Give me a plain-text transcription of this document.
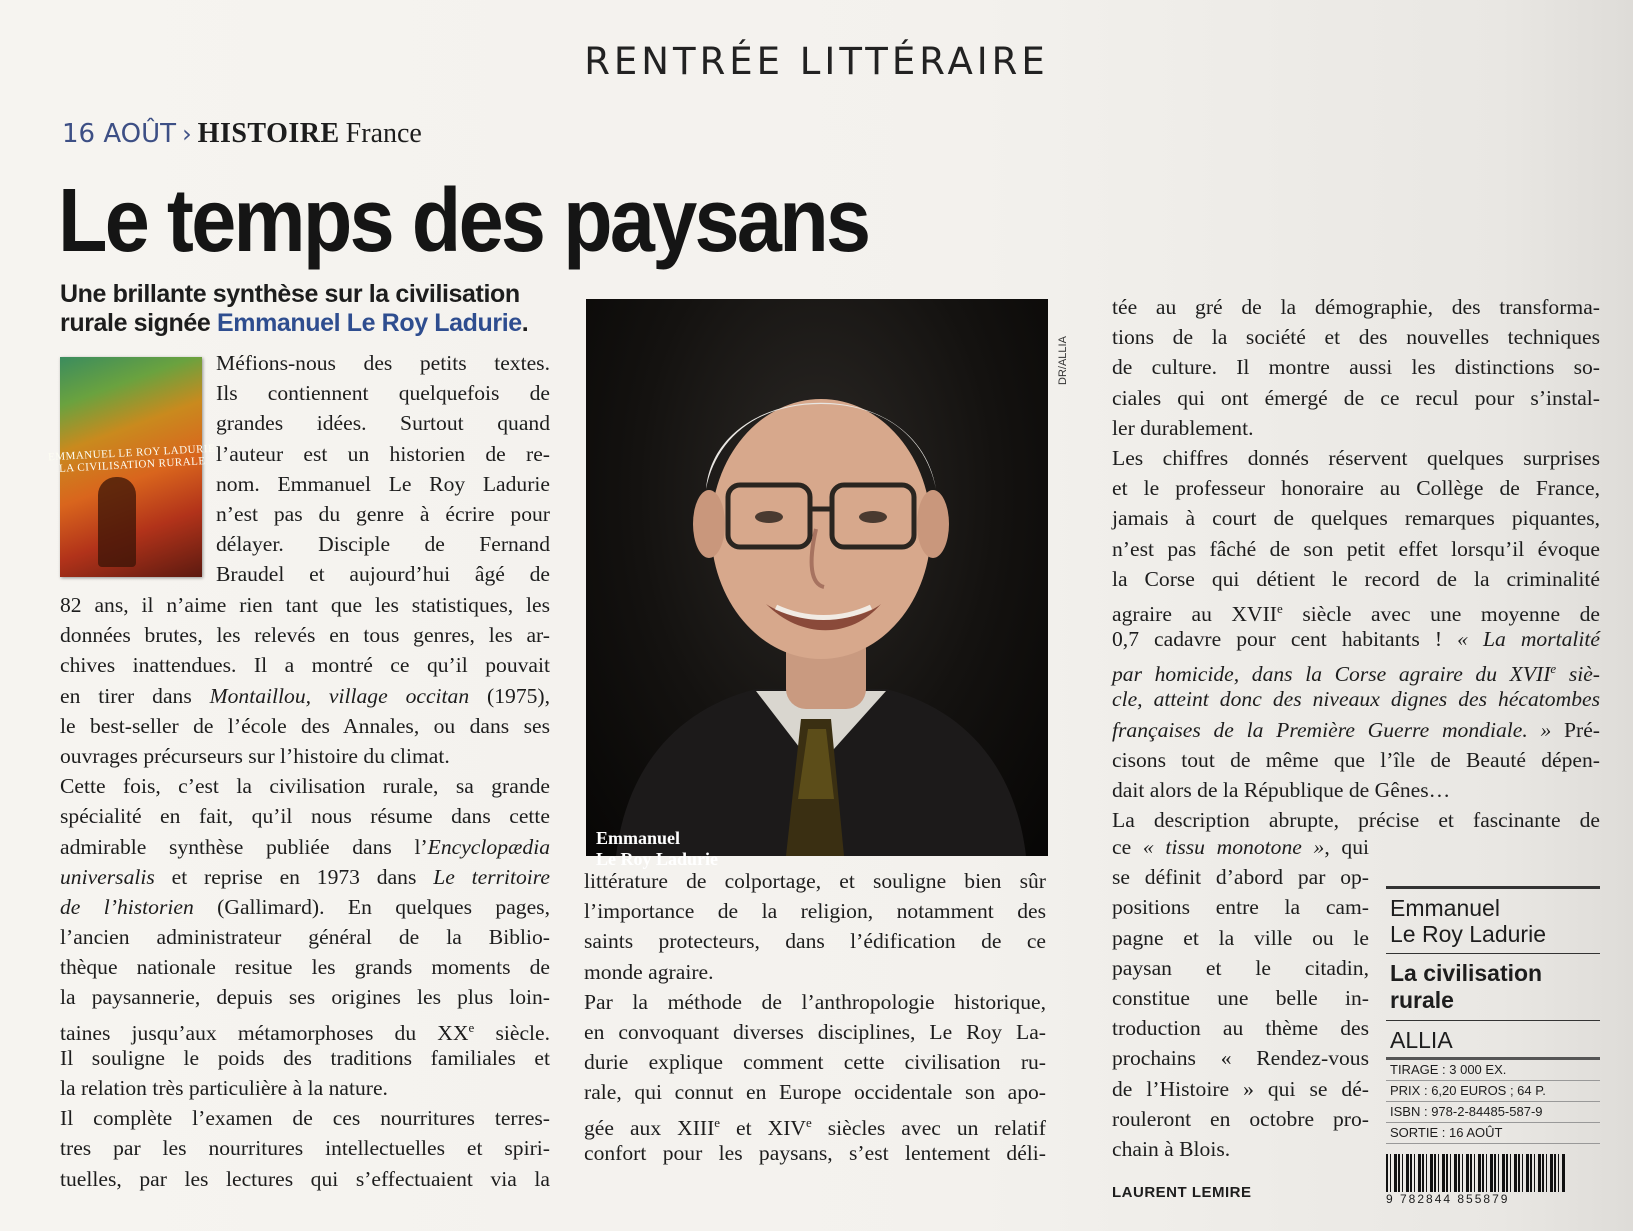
RENTRÉE LITTÉRAIRE
16 AOÛT › HISTOIRE France
Le temps des paysans
Une brillante synthèse sur la civilisation rurale signée Emmanuel Le Roy Ladurie.
EMMANUEL LE ROY LADURIE LA CIVILISATION RURALE
Méfions-nous des petits textes.
Ils contiennent quelquefois de
grandes idées. Surtout quand
l’auteur est un historien de re-
nom. Emmanuel Le Roy Ladurie
n’est pas du genre à écrire pour
délayer. Disciple de Fernand
Braudel et aujourd’hui âgé de
82 ans, il n’aime rien tant que les statistiques, les
données brutes, les relevés en tous genres, les ar-
chives inattendues. Il a montré ce qu’il pouvait
en tirer dans Montaillou, village occitan (1975),
le best-seller de l’école des Annales, ou dans ses
ouvrages précurseurs sur l’histoire du climat.
Cette fois, c’est la civilisation rurale, sa grande
spécialité en fait, qu’il nous résume dans cette
admirable synthèse publiée dans l’Encyclopædia
universalis et reprise en 1973 dans Le territoire
de l’historien (Gallimard). En quelques pages,
l’ancien administrateur général de la Biblio-
thèque nationale resitue les grands moments de
la paysannerie, depuis ses origines les plus loin-
taines jusqu’aux métamorphoses du XXe siècle.
Il souligne le poids des traditions familiales et
la relation très particulière à la nature.
Il complète l’examen de ces nourritures terres-
tres par les nourritures intellectuelles et spiri-
tuelles, par les lectures qui s’effectuaient via la
Emmanuel
Le Roy Ladurie
DR/ALLIA
littérature de colportage, et souligne bien sûr
l’importance de la religion, notamment des
saints protecteurs, dans l’édification de ce
monde agraire.
Par la méthode de l’anthropologie historique,
en convoquant diverses disciplines, Le Roy La-
durie explique comment cette civilisation ru-
rale, qui connut en Europe occidentale son apo-
gée aux XIIIe et XIVe siècles avec un relatif
confort pour les paysans, s’est lentement déli-
tée au gré de la démographie, des transforma-
tions de la société et des nouvelles techniques
de culture. Il montre aussi les distinctions so-
ciales qui ont émergé de ce recul pour s’instal-
ler durablement.
Les chiffres donnés réservent quelques surprises
et le professeur honoraire au Collège de France,
jamais à court de quelques remarques piquantes,
n’est pas fâché de son petit effet lorsqu’il évoque
la Corse qui détient le record de la criminalité
agraire au XVIIe siècle avec une moyenne de
0,7 cadavre pour cent habitants ! « La mortalité
par homicide, dans la Corse agraire du XVIIe siè-
cle, atteint donc des niveaux dignes des hécatombes
françaises de la Première Guerre mondiale. » Pré-
cisons tout de même que l’île de Beauté dépen-
dait alors de la République de Gênes…
La description abrupte, précise et fascinante de
ce « tissu monotone », qui
se définit d’abord par op-
positions entre la cam-
pagne et la ville ou le
paysan et le citadin,
constitue une belle in-
troduction au thème des
prochains « Rendez-vous
de l’Histoire » qui se dé-
rouleront en octobre pro-
chain à Blois.
LAURENT LEMIRE
Emmanuel
Le Roy Ladurie
La civilisation rurale
ALLIA
TIRAGE : 3 000 EX.
PRIX : 6,20 EUROS ; 64 P.
ISBN : 978-2-84485-587-9
SORTIE : 16 AOÛT
9 782844 855879
